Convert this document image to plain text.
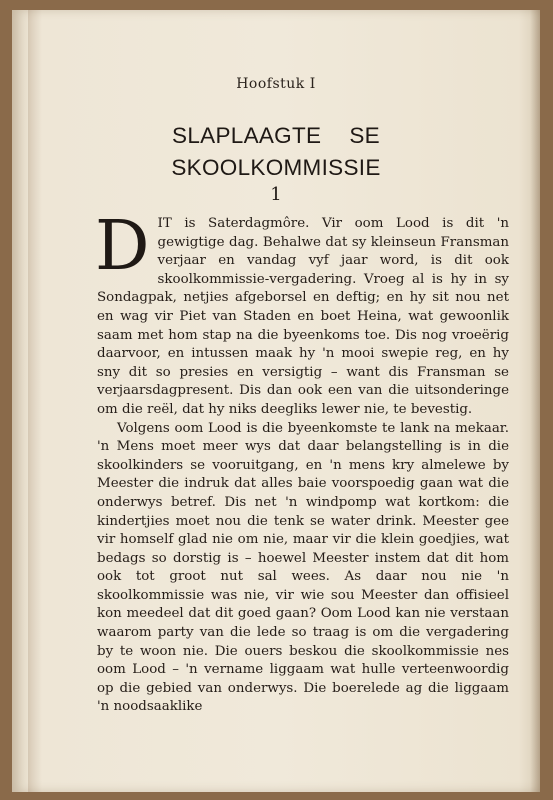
Hoofstuk I
SLAPLAAGTE SE
SKOOLKOMMISSIE
1

DIT is Saterdagmôre. Vir oom Lood is dit 'n gewigtige dag. Behalwe dat sy kleinseun Fransman verjaar en vandag vyf jaar word, is dit ook skoolkommissie-vergadering. Vroeg al is hy in sy Sondagpak, netjies afgeborsel en deftig; en hy sit nou net en wag vir Piet van Staden en boet Heina, wat gewoonlik saam met hom stap na die byeenkoms toe. Dis nog vroeërig daarvoor, en intussen maak hy 'n mooi swepie reg, en hy sny dit so presies en versigtig – want dis Fransman se verjaarsdagpresent. Dis dan ook een van die uitsonderinge om die reël, dat hy niks deegliks lewer nie, te bevestig.

Volgens oom Lood is die byeenkomste te lank na mekaar. 'n Mens moet meer wys dat daar belangstelling is in die skoolkinders se vooruitgang, en 'n mens kry almelewe by Meester die indruk dat alles baie voorspoedig gaan wat die onderwys betref. Dis net 'n windpomp wat kortkom: die kindertjies moet nou die tenk se water drink. Meester gee vir homself glad nie om nie, maar vir die klein goedjies, wat bedags so dorstig is – hoewel Meester instem dat dit hom ook tot groot nut sal wees. As daar nou nie 'n skoolkommissie was nie, vir wie sou Meester dan offisieel kon meedeel dat dit goed gaan? Oom Lood kan nie verstaan waarom party van die lede so traag is om die vergadering by te woon nie. Die ouers beskou die skoolkommissie nes oom Lood – 'n vername liggaam wat hulle verteenwoordig op die gebied van onderwys. Die boerelede ag die liggaam 'n noodsaaklike
